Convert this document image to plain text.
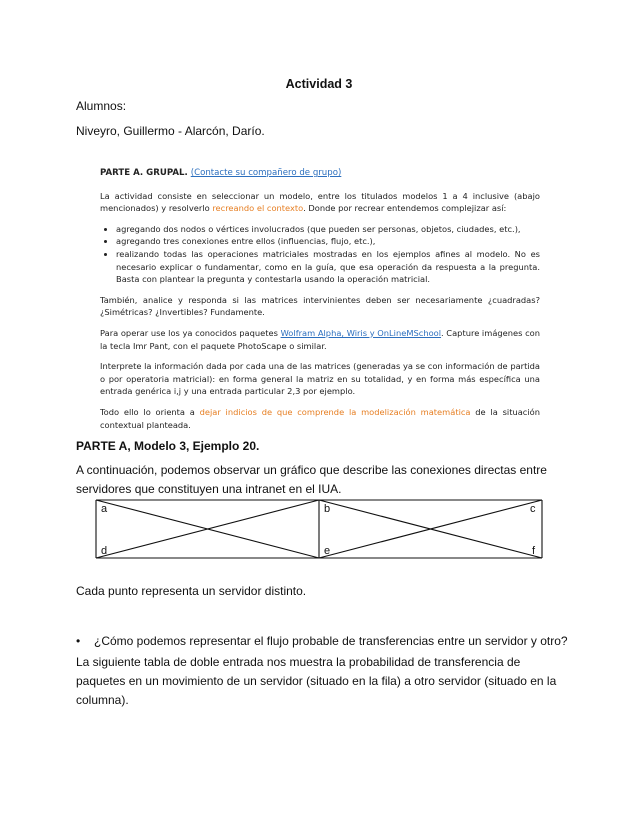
Actividad 3

Alumnos:

Niveyro, Guillermo - Alarcón, Darío.

PARTE A. GRUPAL. (Contacte su compañero de grupo)

La actividad consiste en seleccionar un modelo, entre los titulados modelos 1 a 4 inclusive (abajo mencionados) y resolverlo recreando el contexto. Donde por recrear entendemos complejizar así:

• agregando dos nodos o vértices involucrados (que pueden ser personas, objetos, ciudades, etc.),
• agregando tres conexiones entre ellos (influencias, flujo, etc.),
• realizando todas las operaciones matriciales mostradas en los ejemplos afines al modelo. No es necesario explicar o fundamentar, como en la guía, que esa operación da respuesta a la pregunta. Basta con plantear la pregunta y contestarla usando la operación matricial.

También, analice y responda si las matrices intervinientes deben ser necesariamente ¿cuadradas? ¿Simétricas? ¿Invertibles? Fundamente.

Para operar use los ya conocidos paquetes Wolfram Alpha, Wiris y OnLineMSchool. Capture imágenes con la tecla Imr Pant, con el paquete PhotoScape o similar.

Interprete la información dada por cada una de las matrices (generadas ya se con información de partida o por operatoria matricial): en forma general la matriz en su totalidad, y en forma más específica una entrada genérica i,j y una entrada particular 2,3 por ejemplo.

Todo ello lo orienta a dejar indicios de que comprende la modelización matemática de la situación contextual planteada.

PARTE A, Modelo 3, Ejemplo 20.

A continuación, podemos observar un gráfico que describe las conexiones directas entre servidores que constituyen una intranet en el IUA.

a	b	c
d	e	f

Cada punto representa un servidor distinto.

• ¿Cómo podemos representar el flujo probable de transferencias entre un servidor y otro?

La siguiente tabla de doble entrada nos muestra la probabilidad de transferencia de paquetes en un movimiento de un servidor (situado en la fila) a otro servidor (situado en la columna).
